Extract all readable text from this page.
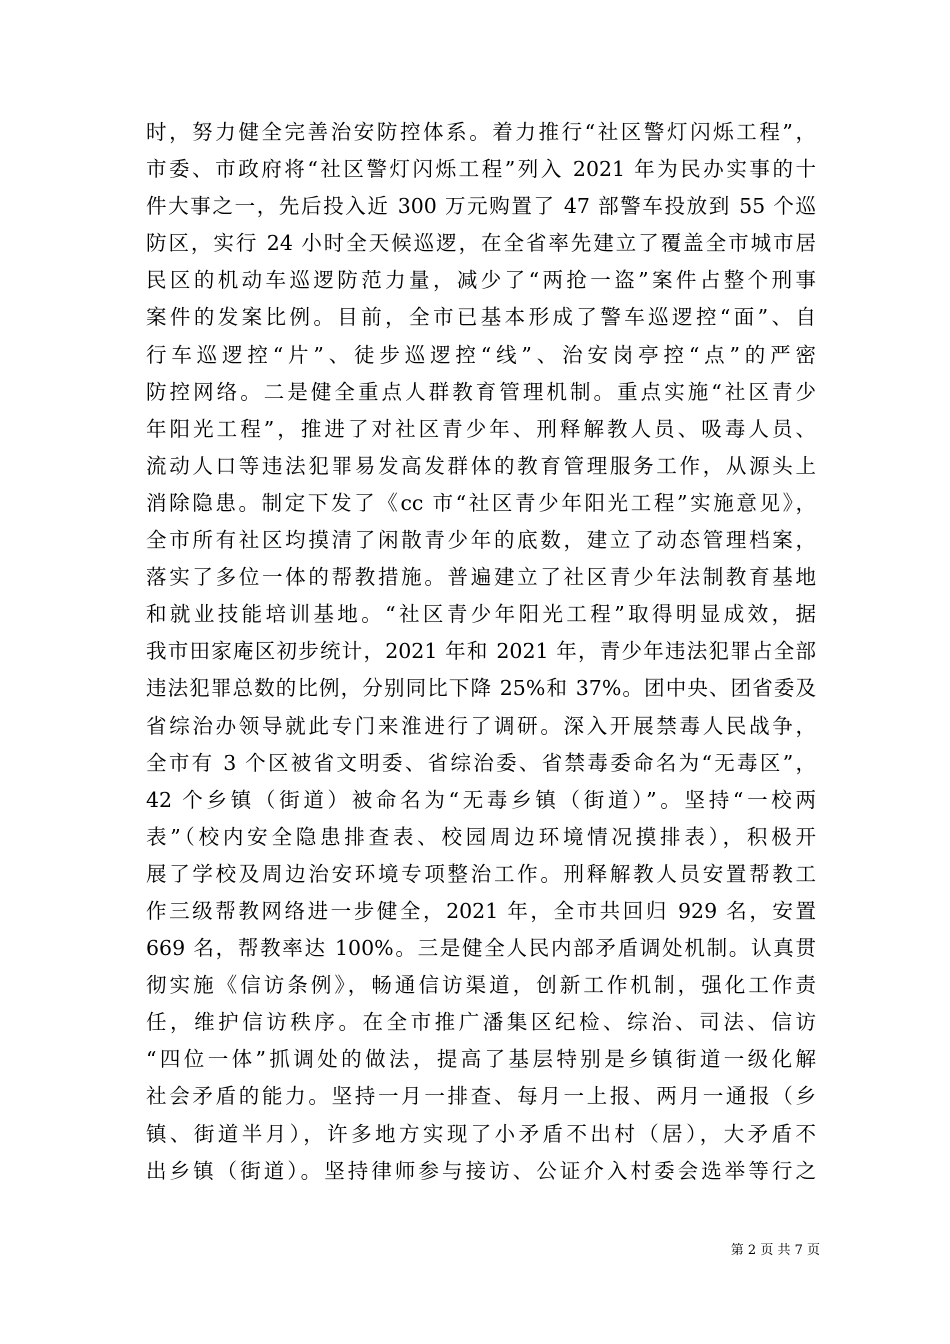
时，努力健全完善治安防控体系。着力推行“社区警灯闪烁工程”，
市委、市政府将“社区警灯闪烁工程”列入 2021 年为民办实事的十
件大事之一，先后投入近 300 万元购置了 47 部警车投放到 55 个巡
防区，实行 24 小时全天候巡逻，在全省率先建立了覆盖全市城市居
民区的机动车巡逻防范力量，减少了“两抢一盗”案件占整个刑事
案件的发案比例。目前，全市已基本形成了警车巡逻控“面”、自
行车巡逻控“片”、徒步巡逻控“线”、治安岗亭控“点”的严密
防控网络。二是健全重点人群教育管理机制。重点实施“社区青少
年阳光工程”，推进了对社区青少年、刑释解教人员、吸毒人员、
流动人口等违法犯罪易发高发群体的教育管理服务工作，从源头上
消除隐患。制定下发了《cc 市“社区青少年阳光工程”实施意见》，
全市所有社区均摸清了闲散青少年的底数，建立了动态管理档案，
落实了多位一体的帮教措施。普遍建立了社区青少年法制教育基地
和就业技能培训基地。“社区青少年阳光工程”取得明显成效，据
我市田家庵区初步统计，2021 年和 2021 年，青少年违法犯罪占全部
违法犯罪总数的比例，分别同比下降 25%和 37%。团中央、团省委及
省综治办领导就此专门来淮进行了调研。深入开展禁毒人民战争，
全市有 3 个区被省文明委、省综治委、省禁毒委命名为“无毒区”，
42 个乡镇（街道）被命名为“无毒乡镇（街道）”。坚持“一校两
表”（校内安全隐患排查表、校园周边环境情况摸排表），积极开
展了学校及周边治安环境专项整治工作。刑释解教人员安置帮教工
作三级帮教网络进一步健全，2021 年，全市共回归 929 名，安置
669 名，帮教率达 100%。三是健全人民内部矛盾调处机制。认真贯
彻实施《信访条例》，畅通信访渠道，创新工作机制，强化工作责
任，维护信访秩序。在全市推广潘集区纪检、综治、司法、信访
“四位一体”抓调处的做法，提高了基层特别是乡镇街道一级化解
社会矛盾的能力。坚持一月一排查、每月一上报、两月一通报（乡
镇、街道半月），许多地方实现了小矛盾不出村（居），大矛盾不
出乡镇（街道）。坚持律师参与接访、公证介入村委会选举等行之
第 2 页 共 7 页
